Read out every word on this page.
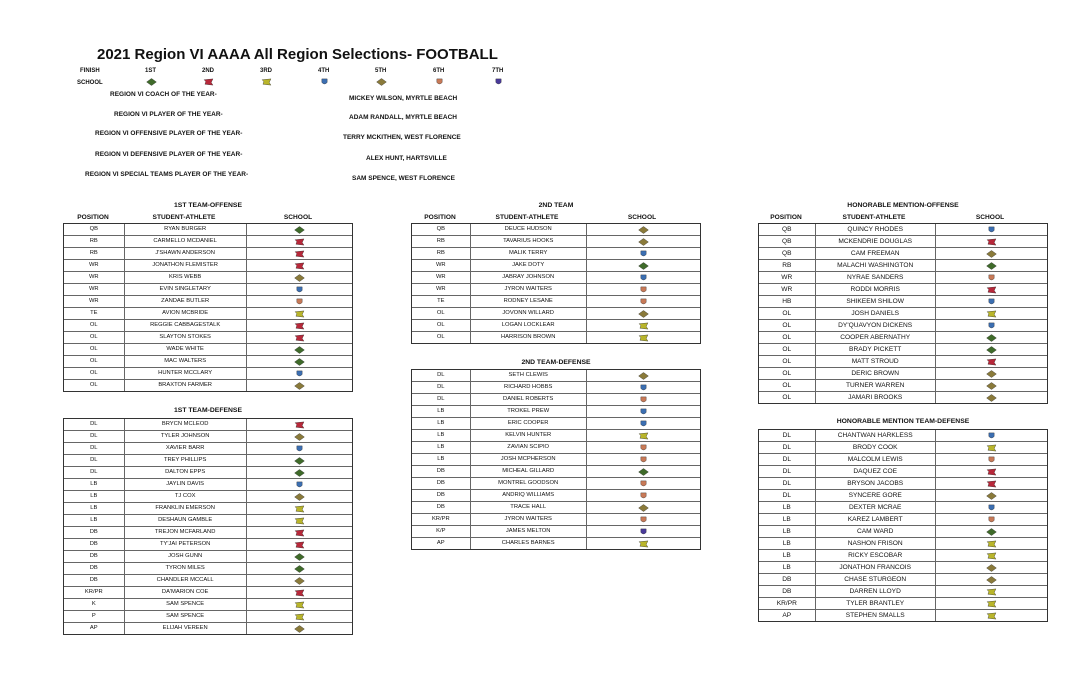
2021 Region VI AAAA All Region Selections- FOOTBALL
FINISH
SCHOOL
1ST	2ND	3RD	4TH	5TH	6TH	7TH
REGION VI COACH OF THE YEAR-
MICKEY WILSON, MYRTLE BEACH
REGION VI PLAYER OF THE YEAR-	ADAM RANDALL, MYRTLE BEACH
REGION VI OFFENSIVE PLAYER OF THE YEAR-
TERRY MCKITHEN, WEST FLORENCE
REGION VI DEFENSIVE PLAYER OF THE YEAR-
ALEX HUNT, HARTSVILLE
REGION VI SPECIAL TEAMS PLAYER OF THE YEAR-
SAM SPENCE, WEST FLORENCE
1ST TEAM-OFFENSE
POSITION	STUDENT-ATHLETE	SCHOOL
QB	RYAN BURGER
RB	CARMELLO MCDANIEL
RB	J'SHAWN ANDERSON
WR	JONATHON FLEMISTER
WR	KRIS WEBB
WR	EVIN SINGLETARY
WR	ZANDAE BUTLER
TE	AVION MCBRIDE
OL	REGGIE CABBAGESTALK
OL	SLAYTON STOKES
OL	WADE WHITE
OL	MAC WALTERS
OL	HUNTER MCCLARY
OL	BRAXTON FARMER
1ST TEAM-DEFENSE
DL	BRYCN MCLEOD
DL	TYLER JOHNSON
DL	XAVIER BARR
DL	TREY PHILLIPS
DL	DALTON EPPS
LB	JAYLIN DAVIS
LB	TJ COX
LB	FRANKLIN EMERSON
LB	DESHAUN GAMBLE
DB	TREJON MCFARLAND
DB	TY'JAI PETERSON
DB	JOSH GUNN
DB	TYRON MILES
DB	CHANDLER MCCALL
KR/PR	DA'MARION COE
K	SAM SPENCE
P	SAM SPENCE
AP	ELIJAH VEREEN
2ND TEAM
POSITION	STUDENT-ATHLETE	SCHOOL
QB	DEUCE HUDSON
RB	TAVARIUS HOOKS
RB	MALIK TERRY
WR	JAKE DOTY
WR	JABRAY JOHNSON
WR	JYRON WAITERS
TE	RODNEY LESANE
OL	JOVONN WILLARD
OL	LOGAN LOCKLEAR
OL	HARRISON BROWN
2ND TEAM-DEFENSE
DL	SETH CLEWIS
DL	RICHARD HOBBS
DL	DANIEL ROBERTS
LB	TROKEL PREW
LB	ERIC COOPER
LB	KELVIN HUNTER
LB	ZAVIAN SCIPIO
LB	JOSH MCPHERSON
DB	MICHEAL GILLARD
DB	MONTREL GOODSON
DB	ANDRIQ WILLIAMS
DB	TRACE HALL
KR/PR	JYRON WAITERS
K/P	JAMES MELTON
AP	CHARLES BARNES
HONORABLE MENTION-OFFENSE
POSITION	STUDENT-ATHLETE	SCHOOL
QB	QUINCY RHODES
QB	MCKENDRIE DOUGLAS
QB	CAM FREEMAN
RB	MALACHI WASHINGTON
WR	NYRAE SANDERS
WR	RODDI MORRIS
HB	SHIKEEM SHILOW
OL	JOSH DANIELS
OL	DY'QUAVYON DICKENS
OL	COOPER ABERNATHY
OL	BRADY PICKETT
OL	MATT STROUD
OL	DERIC BROWN
OL	TURNER WARREN
OL	JAMARI BROOKS
HONORABLE MENTION TEAM-DEFENSE
DL	CHANTWAN HARKLESS
DL	BRODY COOK
DL	MALCOLM LEWIS
DL	DAQUEZ COE
DL	BRYSON JACOBS
DL	SYNCERE GORE
LB	DEXTER MCRAE
LB	KAREZ LAMBERT
LB	CAM WARD
LB	NASHON FRISON
LB	RICKY ESCOBAR
LB	JONATHON FRANCOIS
DB	CHASE STURGEON
DB	DARREN LLOYD
KR/PR	TYLER BRANTLEY
AP	STEPHEN SMALLS
